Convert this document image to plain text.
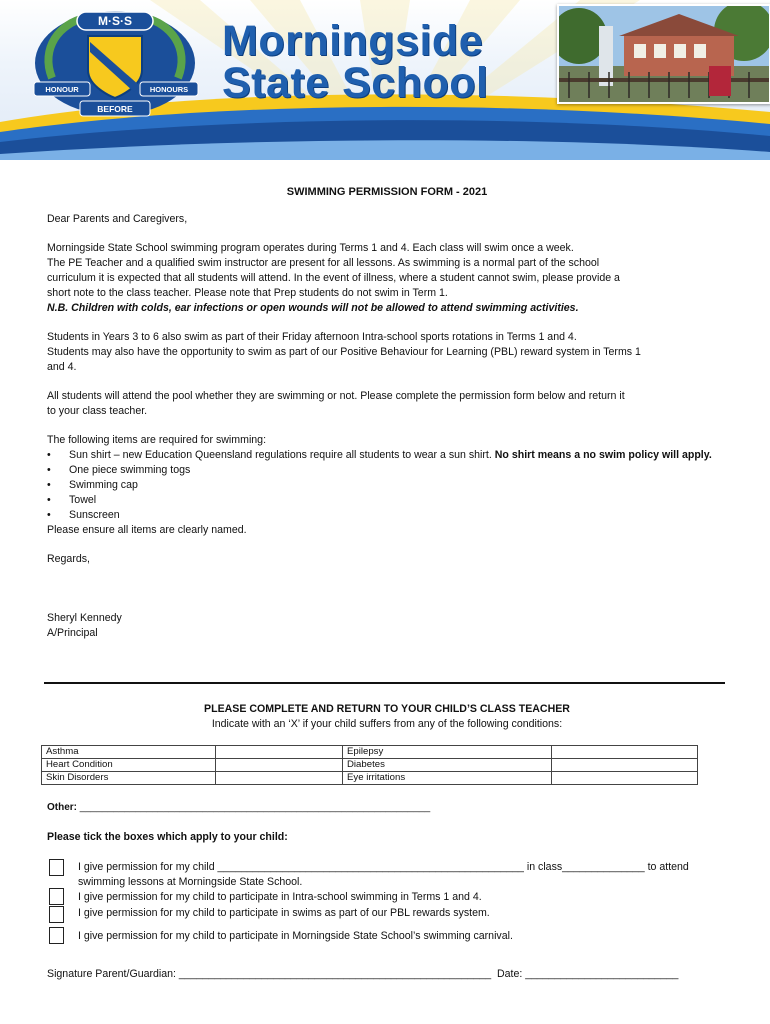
Morningside
State School
M·S·S
HONOUR	HONOURS
BEFORE
SWIMMING PERMISSION FORM - 2021

Dear Parents and Caregivers,

Morningside State School swimming program operates during Terms 1 and 4. Each class will swim once a week.
The PE Teacher and a qualified swim instructor are present for all lessons. As swimming is a normal part of the school
curriculum it is expected that all students will attend. In the event of illness, where a student cannot swim, please provide a
short note to the class teacher. Please note that Prep students do not swim in Term 1.
N.B. Children with colds, ear infections or open wounds will not be allowed to attend swimming activities.

Students in Years 3 to 6 also swim as part of their Friday afternoon Intra-school sports rotations in Terms 1 and 4.
Students may also have the opportunity to swim as part of our Positive Behaviour for Learning (PBL) reward system in Terms 1
and 4.

All students will attend the pool whether they are swimming or not. Please complete the permission form below and return it
to your class teacher.

The following items are required for swimming:
• Sun shirt – new Education Queensland regulations require all students to wear a sun shirt. No shirt means a no swim policy will apply.
• One piece swimming togs
• Swimming cap
• Towel
• Sunscreen

Please ensure all items are clearly named.

Regards,

Sheryl Kennedy
A/Principal
PLEASE COMPLETE AND RETURN TO YOUR CHILD’S CLASS TEACHER
Indicate with an ‘X’ if your child suffers from any of the following conditions:
Asthma		Epilepsy	
Heart Condition		Diabetes	
Skin Disorders		Eye irritations	
Other: _______________________________________________________________
Please tick the boxes which apply to your child:
I give permission for my child ____________________________________________________ in class______________ to attend
swimming lessons at Morningside State School.
I give permission for my child to participate in Intra-school swimming in Terms 1 and 4.
I give permission for my child to participate in swims as part of our PBL rewards system.
I give permission for my child to participate in Morningside State School’s swimming carnival.
Signature Parent/Guardian: _____________________________________________________ Date: __________________________
